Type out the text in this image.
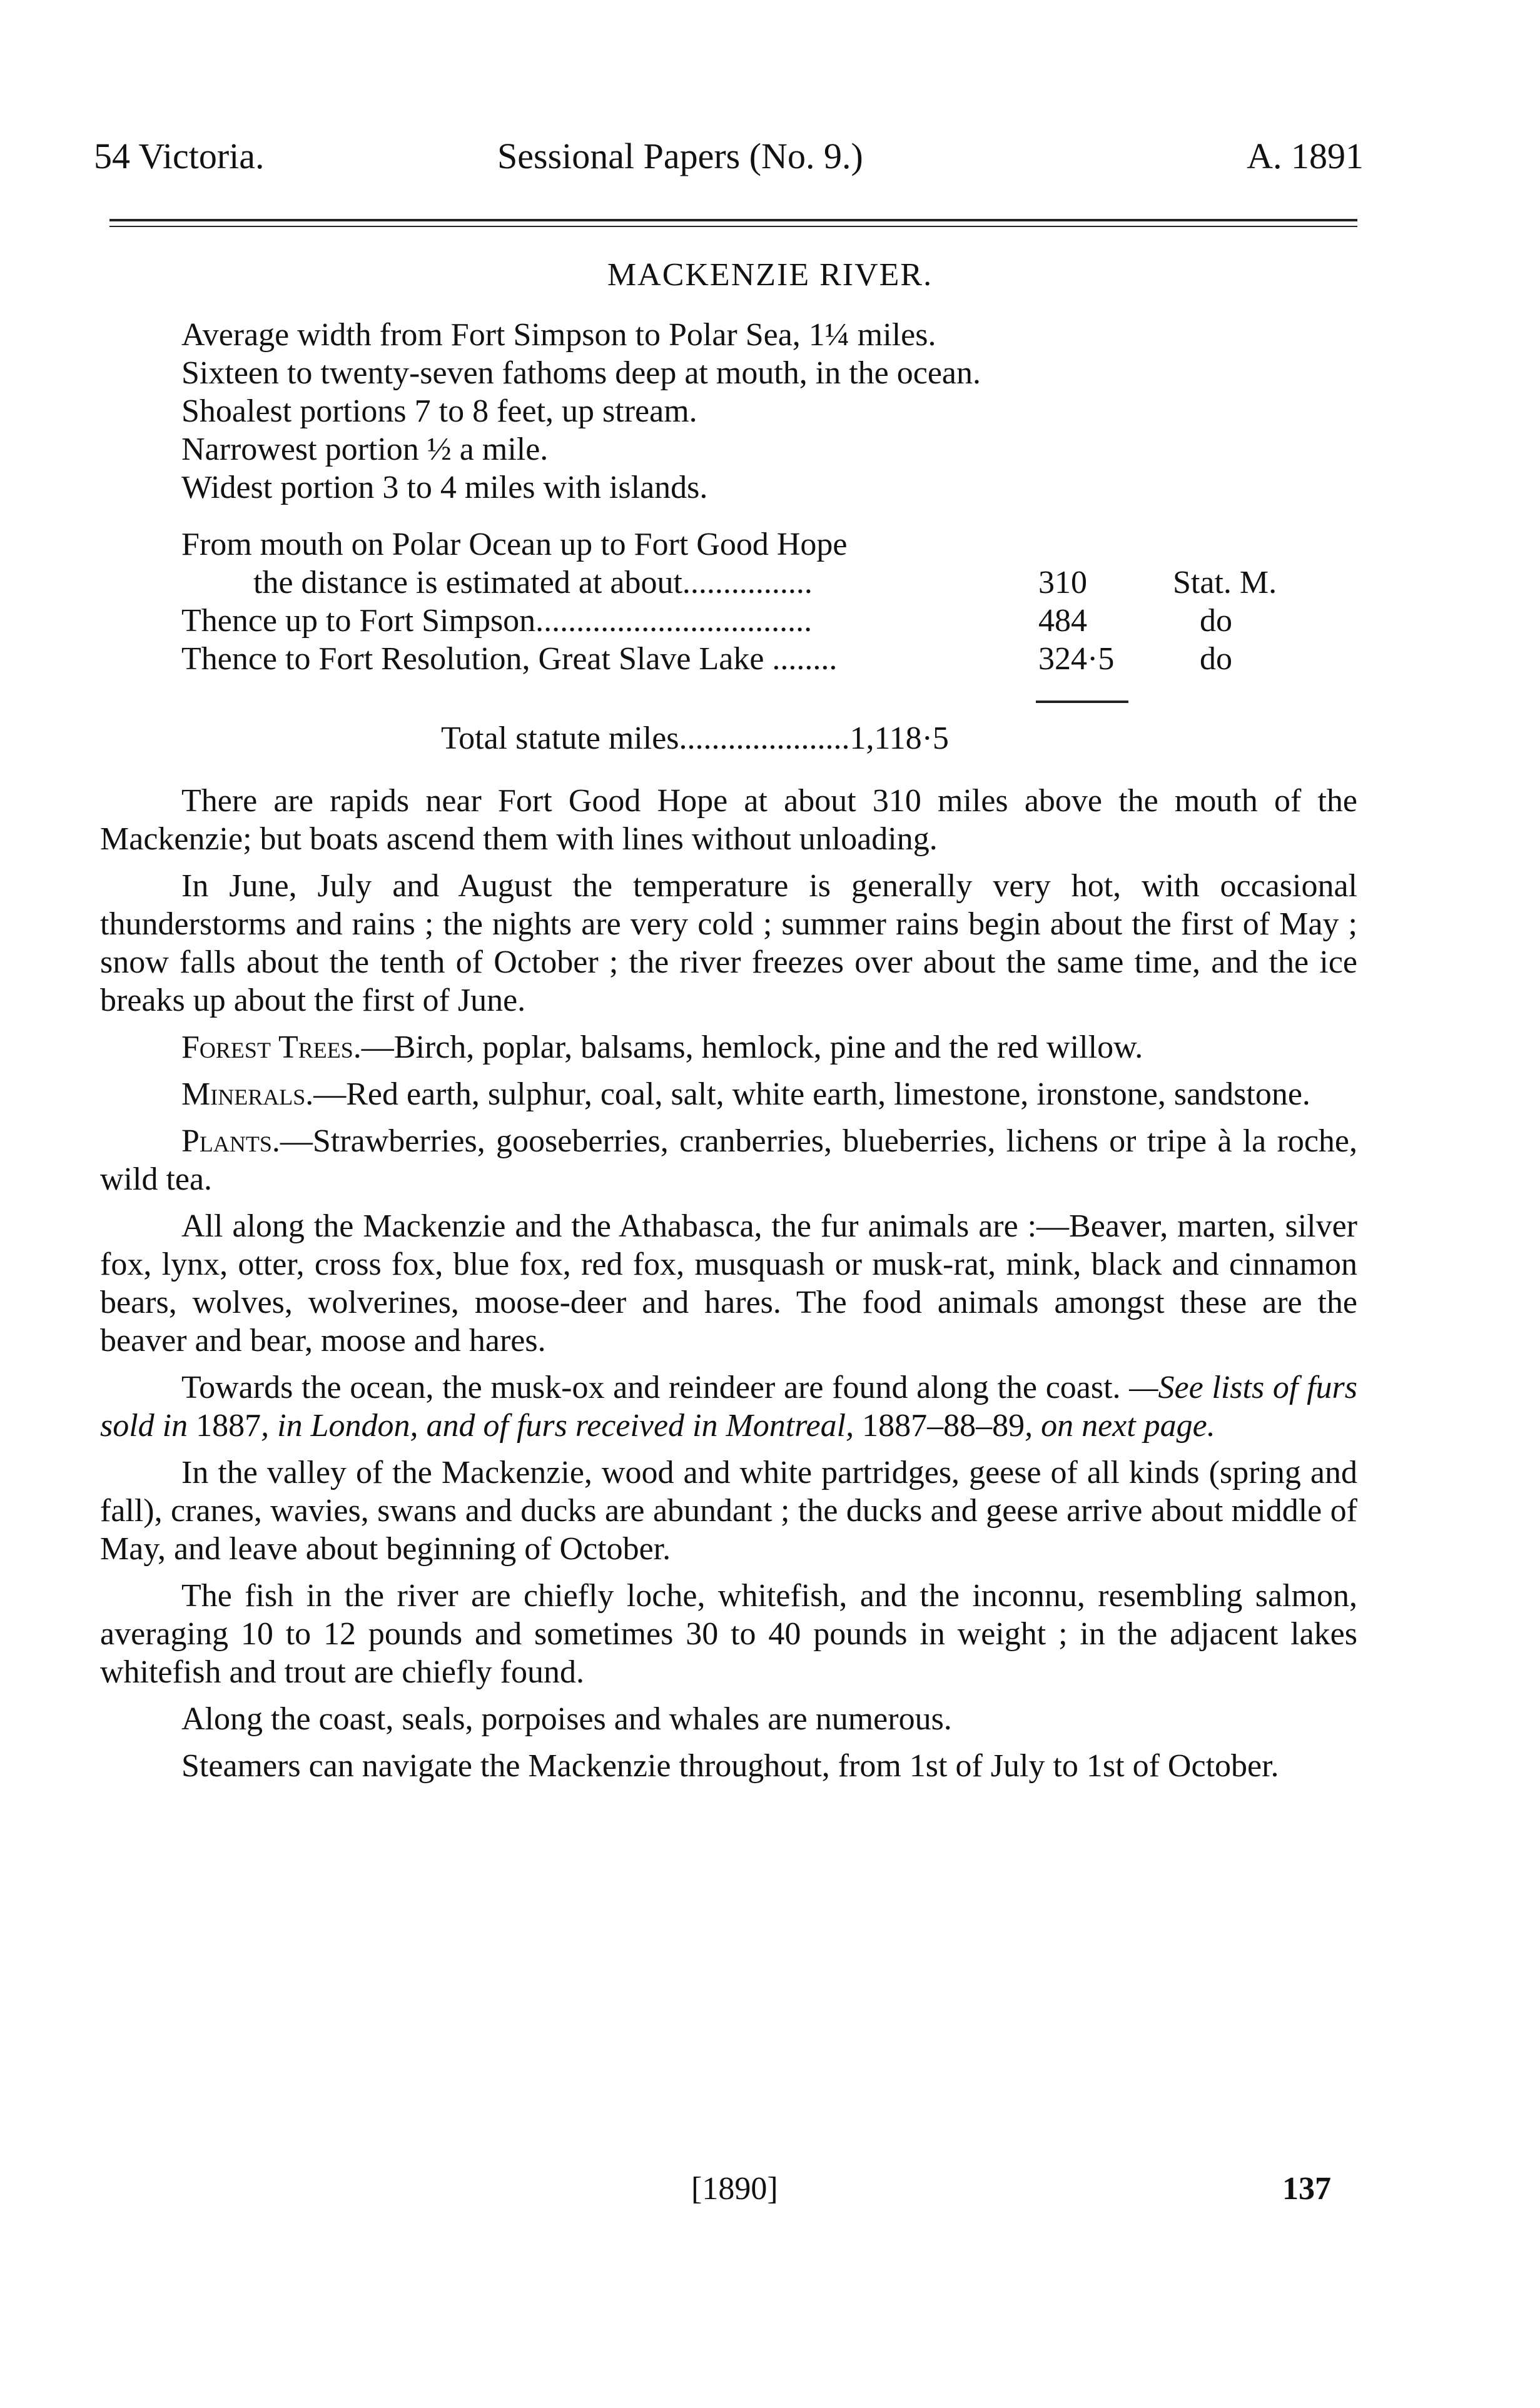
54 Victoria.	Sessional Papers (No. 9.)	A. 1891
MACKENZIE RIVER.
Average width from Fort Simpson to Polar Sea, 1¼ miles.
Sixteen to twenty-seven fathoms deep at mouth, in the ocean.
Shoalest portions 7 to 8 feet, up stream.
Narrowest portion ½ a mile.
Widest portion 3 to 4 miles with islands.
From mouth on Polar Ocean up to Fort Good Hope
the distance is estimated at about................	310	Stat. M.
Thence up to Fort Simpson..................................	484	do
Thence to Fort Resolution, Great Slave Lake ........	324·5	do
Total statute miles.....................1,118·5

There are rapids near Fort Good Hope at about 310 miles above the mouth of the Mackenzie; but boats ascend them with lines without unloading.

In June, July and August the temperature is generally very hot, with occasional thunderstorms and rains ; the nights are very cold ; summer rains begin about the first of May ; snow falls about the tenth of October ; the river freezes over about the same time, and the ice breaks up about the first of June.

Forest Trees.—Birch, poplar, balsams, hemlock, pine and the red willow.

Minerals.—Red earth, sulphur, coal, salt, white earth, limestone, ironstone, sandstone.

Plants.—Strawberries, gooseberries, cranberries, blueberries, lichens or tripe à la roche, wild tea.

All along the Mackenzie and the Athabasca, the fur animals are :—Beaver, marten, silver fox, lynx, otter, cross fox, blue fox, red fox, musquash or musk-rat, mink, black and cinnamon bears, wolves, wolverines, moose-deer and hares. The food animals amongst these are the beaver and bear, moose and hares.

Towards the ocean, the musk-ox and reindeer are found along the coast. —See lists of furs sold in 1887, in London, and of furs received in Montreal, 1887–88–89, on next page.

In the valley of the Mackenzie, wood and white partridges, geese of all kinds (spring and fall), cranes, wavies, swans and ducks are abundant ; the ducks and geese arrive about middle of May, and leave about beginning of October.

The fish in the river are chiefly loche, whitefish, and the inconnu, resembling salmon, averaging 10 to 12 pounds and sometimes 30 to 40 pounds in weight ; in the adjacent lakes whitefish and trout are chiefly found.

Along the coast, seals, porpoises and whales are numerous.

Steamers can navigate the Mackenzie throughout, from 1st of July to 1st of October.

[1890]	137
